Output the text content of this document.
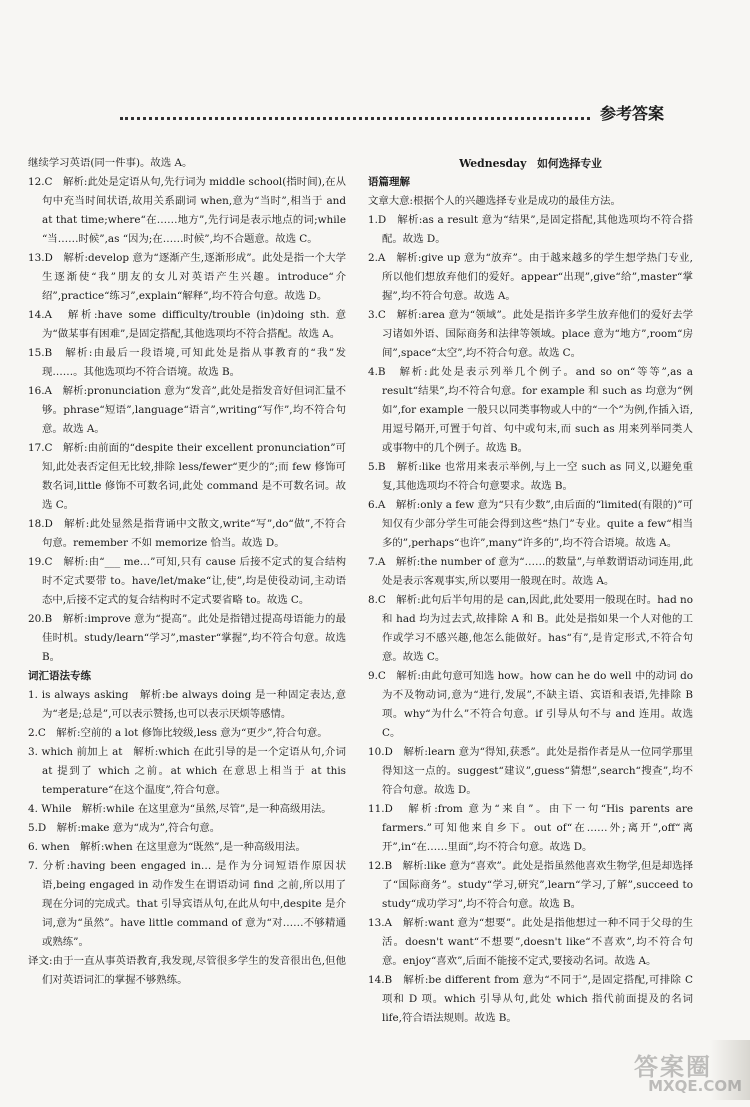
参考答案

继续学习英语(同一件事)。故选 A。

12.C　解析:此处是定语从句,先行词为 middle school(指时间),在从句中充当时间状语,故用关系副词 when,意为“当时”,相当于 and at that time;where“在……地方”,先行词是表示地点的词;while “当……时候”,as “因为;在……时候”,均不合题意。故选 C。

13.D　解析:develop 意为“逐渐产生,逐渐形成”。此处是指一个大学生逐渐使“我”朋友的女儿对英语产生兴趣。introduce“介绍”,practice“练习”,explain“解释”,均不符合句意。故选 D。

14.A　解析:have some difficulty/trouble (in)doing sth. 意为“做某事有困难”,是固定搭配,其他选项均不符合搭配。故选 A。

15.B　解析:由最后一段语境,可知此处是指从事教育的“我”发现……。其他选项均不符合语境。故选 B。

16.A　解析:pronunciation 意为“发音”,此处是指发音好但词汇量不够。phrase“短语”,language“语言”,writing“写作”,均不符合句意。故选 A。

17.C　解析:由前面的“despite their excellent pronunciation”可知,此处表否定但无比较,排除 less/fewer“更少的”;而 few 修饰可数名词,little 修饰不可数名词,此处 command 是不可数名词。故选 C。

18.D　解析:此处显然是指背诵中文散文,write“写”,do“做”,不符合句意。remember 不如 memorize 恰当。故选 D。

19.C　解析:由“___ me…”可知,只有 cause 后接不定式的复合结构时不定式要带 to。have/let/make“让,使”,均是使役动词,主动语态中,后接不定式的复合结构时不定式要省略 to。故选 C。

20.B　解析:improve 意为“提高”。此处是指错过提高母语能力的最佳时机。study/learn“学习”,master“掌握”,均不符合句意。故选 B。

词汇语法专练

1. is always asking　解析:be always doing 是一种固定表达,意为“老是;总是”,可以表示赞扬,也可以表示厌烦等感情。

2.C　解析:空前的 a lot 修饰比较级,less 意为“更少”,符合句意。

3. which 前加上 at　解析:which 在此引导的是一个定语从句,介词 at 提到了 which 之前。at which 在意思上相当于 at this temperature“在这个温度”,符合句意。

4. While　解析:while 在这里意为“虽然,尽管”,是一种高级用法。

5.D　解析:make 意为“成为”,符合句意。

6. when　解析:when 在这里意为“既然”,是一种高级用法。

7. 分析:having been engaged in… 是作为分词短语作原因状语,being engaged in 动作发生在谓语动词 find 之前,所以用了现在分词的完成式。that 引导宾语从句,在此从句中,despite 是介词,意为“虽然”。have little command of 意为“对……不够精通或熟练”。

译文:由于一直从事英语教育,我发现,尽管很多学生的发音很出色,但他们对英语词汇的掌握不够熟练。

Wednesday　如何选择专业

语篇理解

文章大意:根据个人的兴趣选择专业是成功的最佳方法。

1.D　解析:as a result 意为“结果”,是固定搭配,其他选项均不符合搭配。故选 D。

2.A　解析:give up 意为“放弃”。由于越来越多的学生想学热门专业,所以他们想放弃他们的爱好。appear“出现”,give“给”,master“掌握”,均不符合句意。故选 A。

3.C　解析:area 意为“领域”。此处是指许多学生放弃他们的爱好去学习诸如外语、国际商务和法律等领域。place 意为“地方”,room“房间”,space“太空”,均不符合句意。故选 C。

4.B　解析:此处是表示列举几个例子。and so on“等等”,as a result“结果”,均不符合句意。for example 和 such as 均意为“例如”,for example 一般只以同类事物或人中的“一个”为例,作插入语,用逗号隔开,可置于句首、句中或句末,而 such as 用来列举同类人或事物中的几个例子。故选 B。

5.B　解析:like 也常用来表示举例,与上一空 such as 同义,以避免重复,其他选项均不符合句意要求。故选 B。

6.A　解析:only a few 意为“只有少数”,由后面的“limited(有限的)”可知仅有少部分学生可能会得到这些“热门”专业。quite a few“相当多的”,perhaps“也许”,many“许多的”,均不符合语境。故选 A。

7.A　解析:the number of 意为“……的数量”,与单数谓语动词连用,此处是表示客观事实,所以要用一般现在时。故选 A。

8.C　解析:此句后半句用的是 can,因此,此处要用一般现在时。had no 和 had 均为过去式,故排除 A 和 B。此处是指如果一个人对他的工作或学习不感兴趣,他怎么能做好。has“有”,是肯定形式,不符合句意。故选 C。

9.C　解析:由此句意可知选 how。how can he do well 中的动词 do 为不及物动词,意为“进行,发展”,不缺主语、宾语和表语,先排除 B 项。why“为什么”不符合句意。if 引导从句不与 and 连用。故选 C。

10.D　解析:learn 意为“得知,获悉”。此处是指作者是从一位同学那里得知这一点的。suggest“建议”,guess“猜想”,search“搜查”,均不符合句意。故选 D。

11.D　解析:from 意为“来自”。由下一句“His parents are farmers.”可知他来自乡下。out of“在……外;离开”,off“离开”,in“在……里面”,均不符合句意。故选 D。

12.B　解析:like 意为“喜欢”。此处是指虽然他喜欢生物学,但是却选择了“国际商务”。study“学习,研究”,learn“学习,了解”,succeed to study“成功学习”,均不符合句意。故选 B。

13.A　解析:want 意为“想要”。此处是指他想过一种不同于父母的生活。doesn't want“不想要”,doesn't like“不喜欢”,均不符合句意。enjoy“喜欢”,后面不能接不定式,要接动名词。故选 A。

14.B　解析:be different from 意为“不同于”,是固定搭配,可排除 C 项和 D 项。which 引导从句,此处 which 指代前面提及的名词 life,符合语法规则。故选 B。

答案圈
MXQE.COM
